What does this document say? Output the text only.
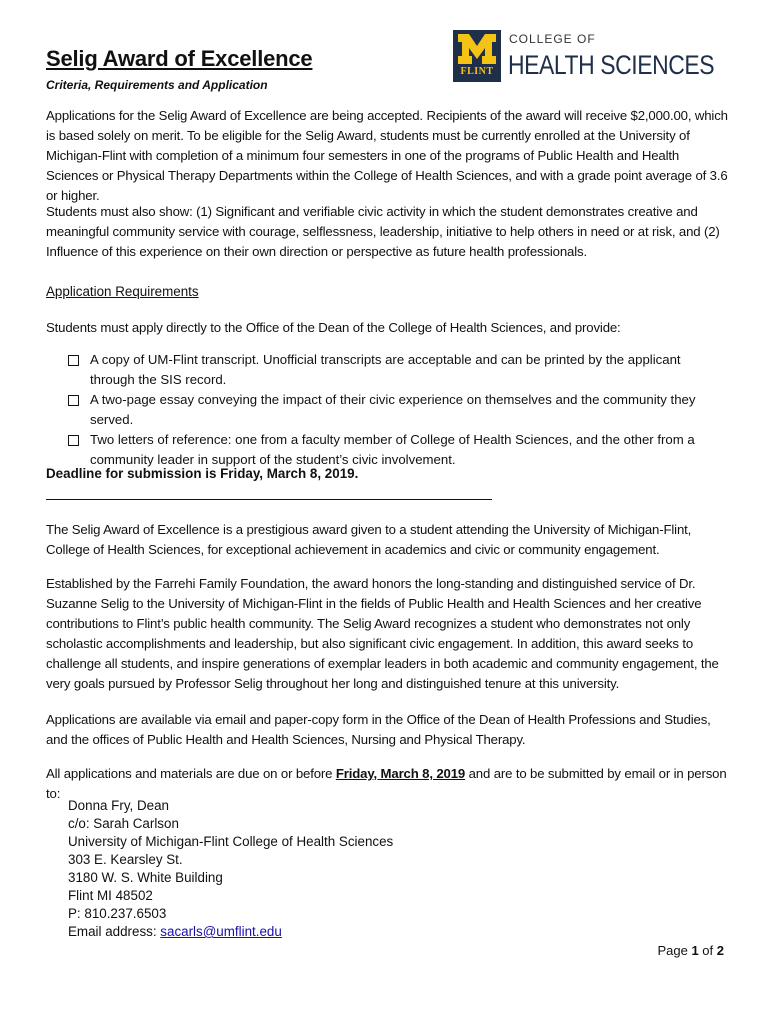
Selig Award of Excellence
Criteria, Requirements and Application
FLINT
COLLEGE OF
HEALTH SCIENCES
Applications for the Selig Award of Excellence are being accepted. Recipients of the award will receive $2,000.00, which is based solely on merit. To be eligible for the Selig Award, students must be currently enrolled at the University of Michigan-Flint with completion of a minimum four semesters in one of the programs of Public Health and Health Sciences or Physical Therapy Departments within the College of Health Sciences, and with a grade point average of 3.6 or higher.
Students must also show: (1) Significant and verifiable civic activity in which the student demonstrates creative and meaningful community service with courage, selflessness, leadership, initiative to help others in need or at risk, and (2) Influence of this experience on their own direction or perspective as future health professionals.
Application Requirements
Students must apply directly to the Office of the Dean of the College of Health Sciences, and provide:
A copy of UM-Flint transcript. Unofficial transcripts are acceptable and can be printed by the applicant through the SIS record.
A two-page essay conveying the impact of their civic experience on themselves and the community they served.
Two letters of reference: one from a faculty member of College of Health Sciences, and the other from a community leader in support of the student’s civic involvement.
Deadline for submission is Friday, March 8, 2019.
The Selig Award of Excellence is a prestigious award given to a student attending the University of Michigan-Flint, College of Health Sciences, for exceptional achievement in academics and civic or community engagement.
Established by the Farrehi Family Foundation, the award honors the long-standing and distinguished service of Dr. Suzanne Selig to the University of Michigan-Flint in the fields of Public Health and Health Sciences and her creative contributions to Flint’s public health community. The Selig Award recognizes a student who demonstrates not only scholastic accomplishments and leadership, but also significant civic engagement. In addition, this award seeks to challenge all students, and inspire generations of exemplar leaders in both academic and community engagement, the very goals pursued by Professor Selig throughout her long and distinguished tenure at this university.
Applications are available via email and paper-copy form in the Office of the Dean of Health Professions and Studies, and the offices of Public Health and Health Sciences, Nursing and Physical Therapy.
All applications and materials are due on or before Friday, March 8, 2019 and are to be submitted by email or in person to:
Donna Fry, Dean
c/o: Sarah Carlson
University of Michigan-Flint College of Health Sciences
303 E. Kearsley St.
3180 W. S. White Building
Flint MI 48502
P: 810.237.6503
Email address: sacarls@umflint.edu
Page 1 of 2
